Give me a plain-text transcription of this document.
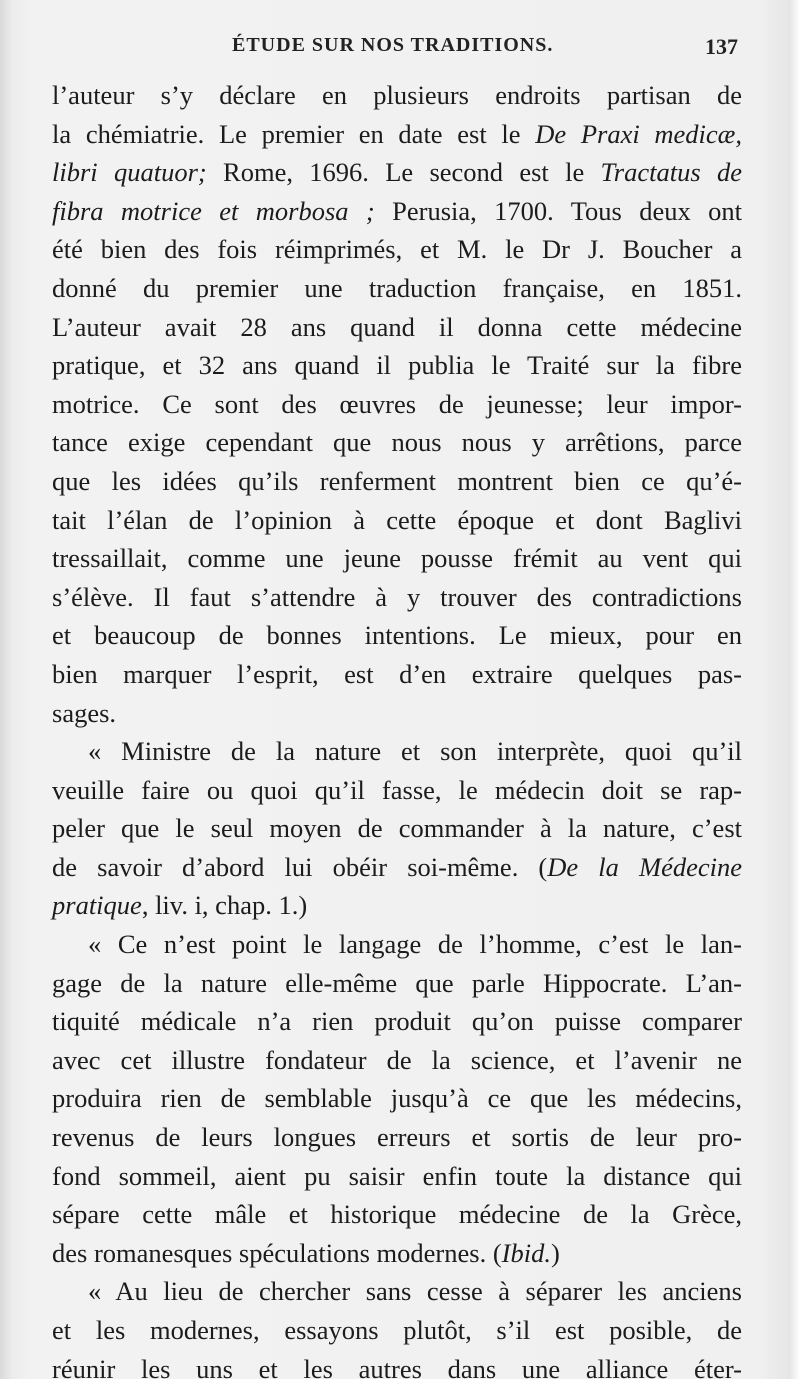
ÉTUDE SUR NOS TRADITIONS.	137
l’auteur s’y déclare en plusieurs endroits partisan de
la chémiatrie. Le premier en date est le De Praxi medicæ,
libri quatuor; Rome, 1696. Le second est le Tractatus de
fibra motrice et morbosa ; Perusia, 1700. Tous deux ont
été bien des fois réimprimés, et M. le Dr J. Boucher a
donné du premier une traduction française, en 1851.
L’auteur avait 28 ans quand il donna cette médecine
pratique, et 32 ans quand il publia le Traité sur la fibre
motrice. Ce sont des œuvres de jeunesse; leur impor-
tance exige cependant que nous nous y arrêtions, parce
que les idées qu’ils renferment montrent bien ce qu’é-
tait l’élan de l’opinion à cette époque et dont Baglivi
tressaillait, comme une jeune pousse frémit au vent qui
s’élève. Il faut s’attendre à y trouver des contradictions
et beaucoup de bonnes intentions. Le mieux, pour en
bien marquer l’esprit, est d’en extraire quelques pas-
sages.
« Ministre de la nature et son interprète, quoi qu’il
veuille faire ou quoi qu’il fasse, le médecin doit se rap-
peler que le seul moyen de commander à la nature, c’est
de savoir d’abord lui obéir soi-même. (De la Médecine
pratique, liv. i, chap. 1.)
« Ce n’est point le langage de l’homme, c’est le lan-
gage de la nature elle-même que parle Hippocrate. L’an-
tiquité médicale n’a rien produit qu’on puisse comparer
avec cet illustre fondateur de la science, et l’avenir ne
produira rien de semblable jusqu’à ce que les médecins,
revenus de leurs longues erreurs et sortis de leur pro-
fond sommeil, aient pu saisir enfin toute la distance qui
sépare cette mâle et historique médecine de la Grèce,
des romanesques spéculations modernes. (Ibid.)
« Au lieu de chercher sans cesse à séparer les anciens
et les modernes, essayons plutôt, s’il est posible, de
réunir les uns et les autres dans une alliance éter-
